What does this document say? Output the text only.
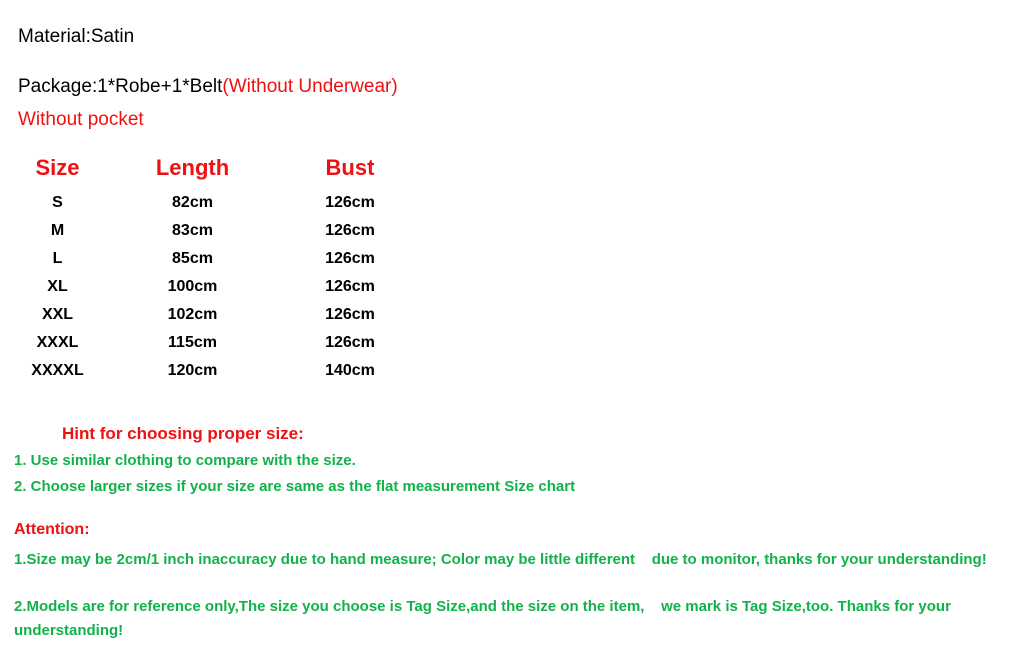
Material:Satin
Package:1*Robe+1*Belt(Without Underwear)
Without pocket
Size	Length	Bust
S	82cm	126cm
M	83cm	126cm
L	85cm	126cm
XL	100cm	126cm
XXL	102cm	126cm
XXXL	115cm	126cm
XXXXL	120cm	140cm
Hint for choosing proper size:
1. Use similar clothing to compare with the size.
2. Choose larger sizes if your size are same as the flat measurement Size chart
Attention:
1.Size may be 2cm/1 inch inaccuracy due to hand measure; Color may be little different    due to monitor, thanks for your understanding!
2.Models are for reference only,The size you choose is Tag Size,and the size on the item,    we mark is Tag Size,too. Thanks for your understanding!
